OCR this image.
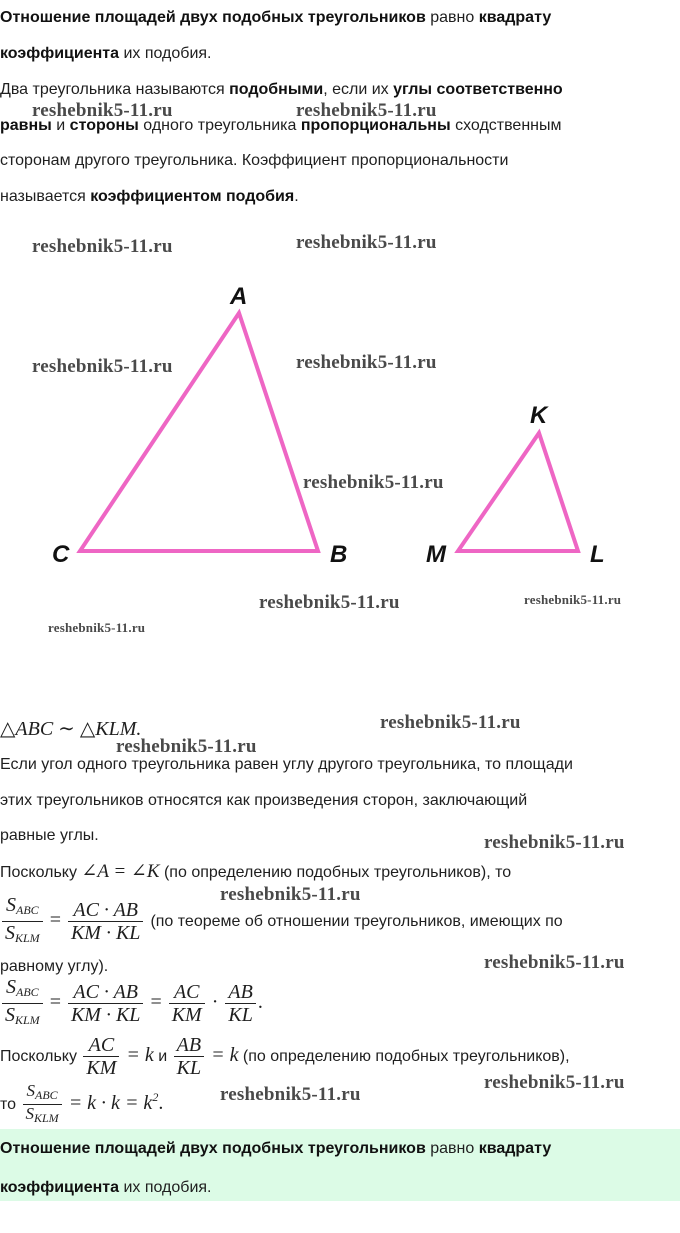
Отношение площадей двух подобных треугольников равно квадрату
коэффициента их подобия.
Два треугольника называются подобными, если их углы соответственно
равны и стороны одного треугольника пропорциональны сходственным
сторонам другого треугольника. Коэффициент пропорциональности
называется коэффициентом подобия.
A
B
C
K
L
M
△ABC ∼ △KLM.
Если угол одного треугольника равен углу другого треугольника, то площади
этих треугольников относятся как произведения сторон, заключающий
равные углы.
Поскольку ∠A = ∠K (по определению подобных треугольников), то
$\frac{S_{ABC}}{S_{KLM}} = \frac{AC \cdot AB}{KM \cdot KL} (по$ теореме об отношении треугольников, имеющих по
равному углу).
$\frac{S_{ABC}}{S_{KLM}} = \frac{AC \cdot AB}{KM \cdot KL} = \frac{AC}{KM} \cdot \frac{AB}{KL}$ .
Поскольку $\frac{AC}{KM} = k$ и $\frac{AB}{KL} = k$ (по определению подобных треугольников),
то $\frac{S_{ABC}}{S_{KLM}} = k \cdot k = k^2$.
Отношение площадей двух подобных треугольников равно квадрату
коэффициента их подобия.
reshebnik5-11.ru	reshebnik5-11.ru
reshebnik5-11.ru	reshebnik5-11.ru
reshebnik5-11.ru	reshebnik5-11.ru
reshebnik5-11.ru
reshebnik5-11.ru	reshebnik5-11.ru
reshebnik5-11.ru
reshebnik5-11.ru
reshebnik5-11.ru
reshebnik5-11.ru
reshebnik5-11.ru
reshebnik5-11.ru
reshebnik5-11.ru
reshebnik5-11.ru
